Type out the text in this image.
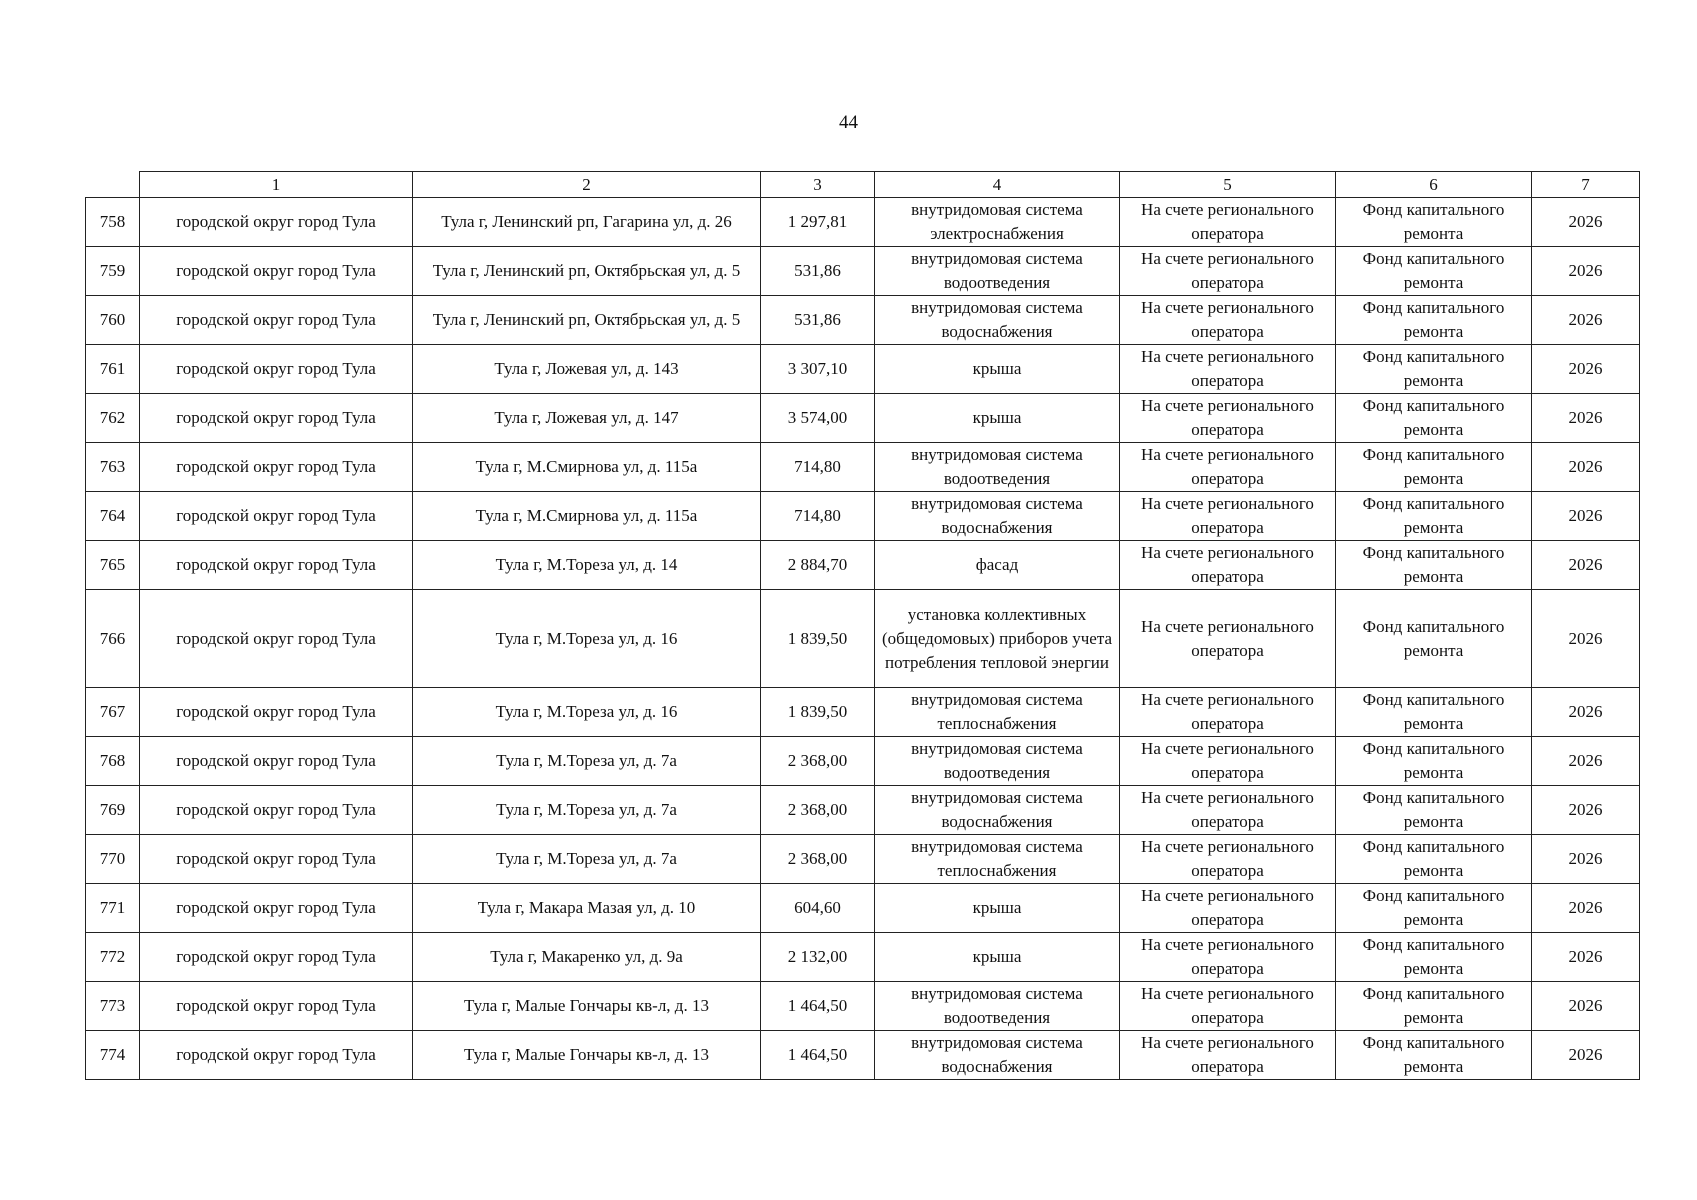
44
	1	2	3	4	5	6	7
758	городской округ город Тула	Тула г, Ленинский рп, Гагарина ул, д. 26	1 297,81	внутридомовая система электроснабжения	На счете регионального оператора	Фонд капитального ремонта	2026
759	городской округ город Тула	Тула г, Ленинский рп, Октябрьская ул, д. 5	531,86	внутридомовая система водоотведения	На счете регионального оператора	Фонд капитального ремонта	2026
760	городской округ город Тула	Тула г, Ленинский рп, Октябрьская ул, д. 5	531,86	внутридомовая система водоснабжения	На счете регионального оператора	Фонд капитального ремонта	2026
761	городской округ город Тула	Тула г, Ложевая ул, д. 143	3 307,10	крыша	На счете регионального оператора	Фонд капитального ремонта	2026
762	городской округ город Тула	Тула г, Ложевая ул, д. 147	3 574,00	крыша	На счете регионального оператора	Фонд капитального ремонта	2026
763	городской округ город Тула	Тула г, М.Смирнова ул, д. 115а	714,80	внутридомовая система водоотведения	На счете регионального оператора	Фонд капитального ремонта	2026
764	городской округ город Тула	Тула г, М.Смирнова ул, д. 115а	714,80	внутридомовая система водоснабжения	На счете регионального оператора	Фонд капитального ремонта	2026
765	городской округ город Тула	Тула г, М.Тореза ул, д. 14	2 884,70	фасад	На счете регионального оператора	Фонд капитального ремонта	2026
766	городской округ город Тула	Тула г, М.Тореза ул, д. 16	1 839,50	установка коллективных (общедомовых) приборов учета потребления тепловой энергии	На счете регионального оператора	Фонд капитального ремонта	2026
767	городской округ город Тула	Тула г, М.Тореза ул, д. 16	1 839,50	внутридомовая система теплоснабжения	На счете регионального оператора	Фонд капитального ремонта	2026
768	городской округ город Тула	Тула г, М.Тореза ул, д. 7а	2 368,00	внутридомовая система водоотведения	На счете регионального оператора	Фонд капитального ремонта	2026
769	городской округ город Тула	Тула г, М.Тореза ул, д. 7а	2 368,00	внутридомовая система водоснабжения	На счете регионального оператора	Фонд капитального ремонта	2026
770	городской округ город Тула	Тула г, М.Тореза ул, д. 7а	2 368,00	внутридомовая система теплоснабжения	На счете регионального оператора	Фонд капитального ремонта	2026
771	городской округ город Тула	Тула г, Макара Мазая ул, д. 10	604,60	крыша	На счете регионального оператора	Фонд капитального ремонта	2026
772	городской округ город Тула	Тула г, Макаренко ул, д. 9а	2 132,00	крыша	На счете регионального оператора	Фонд капитального ремонта	2026
773	городской округ город Тула	Тула г, Малые Гончары кв-л, д. 13	1 464,50	внутридомовая система водоотведения	На счете регионального оператора	Фонд капитального ремонта	2026
774	городской округ город Тула	Тула г, Малые Гончары кв-л, д. 13	1 464,50	внутридомовая система водоснабжения	На счете регионального оператора	Фонд капитального ремонта	2026
